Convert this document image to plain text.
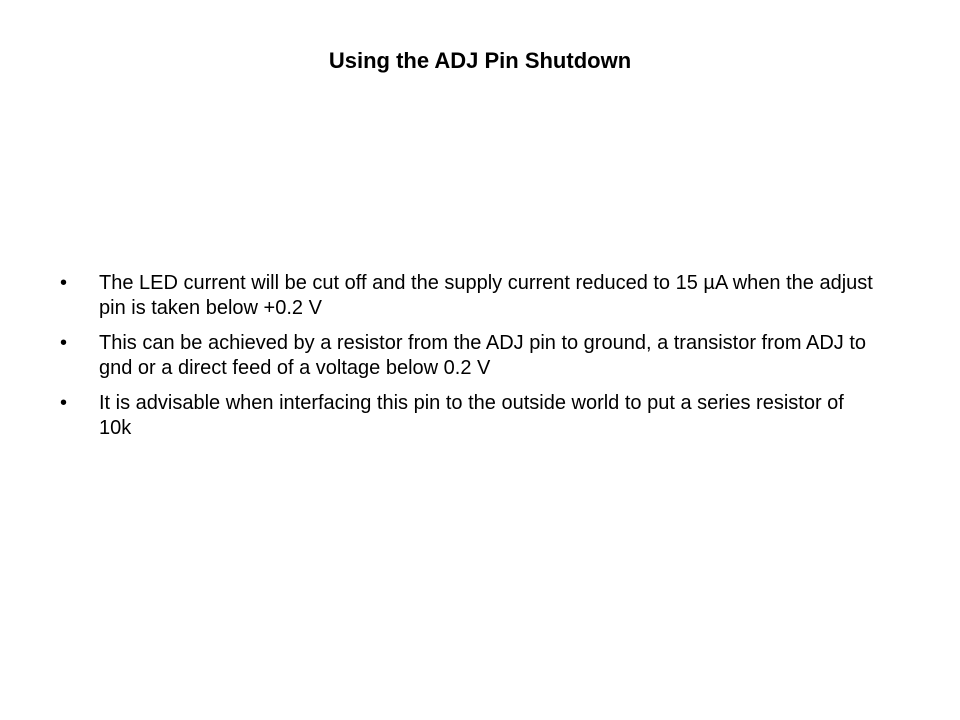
Using the ADJ Pin Shutdown
•	The LED current will be cut off and the supply current reduced to 15 µA when the adjust pin is taken below +0.2 V
•	This can be achieved by a resistor from the ADJ pin to ground, a transistor from ADJ to gnd or a direct feed of a voltage below 0.2 V
•	It is advisable when interfacing this pin to the outside world to put a series resistor of 10k
